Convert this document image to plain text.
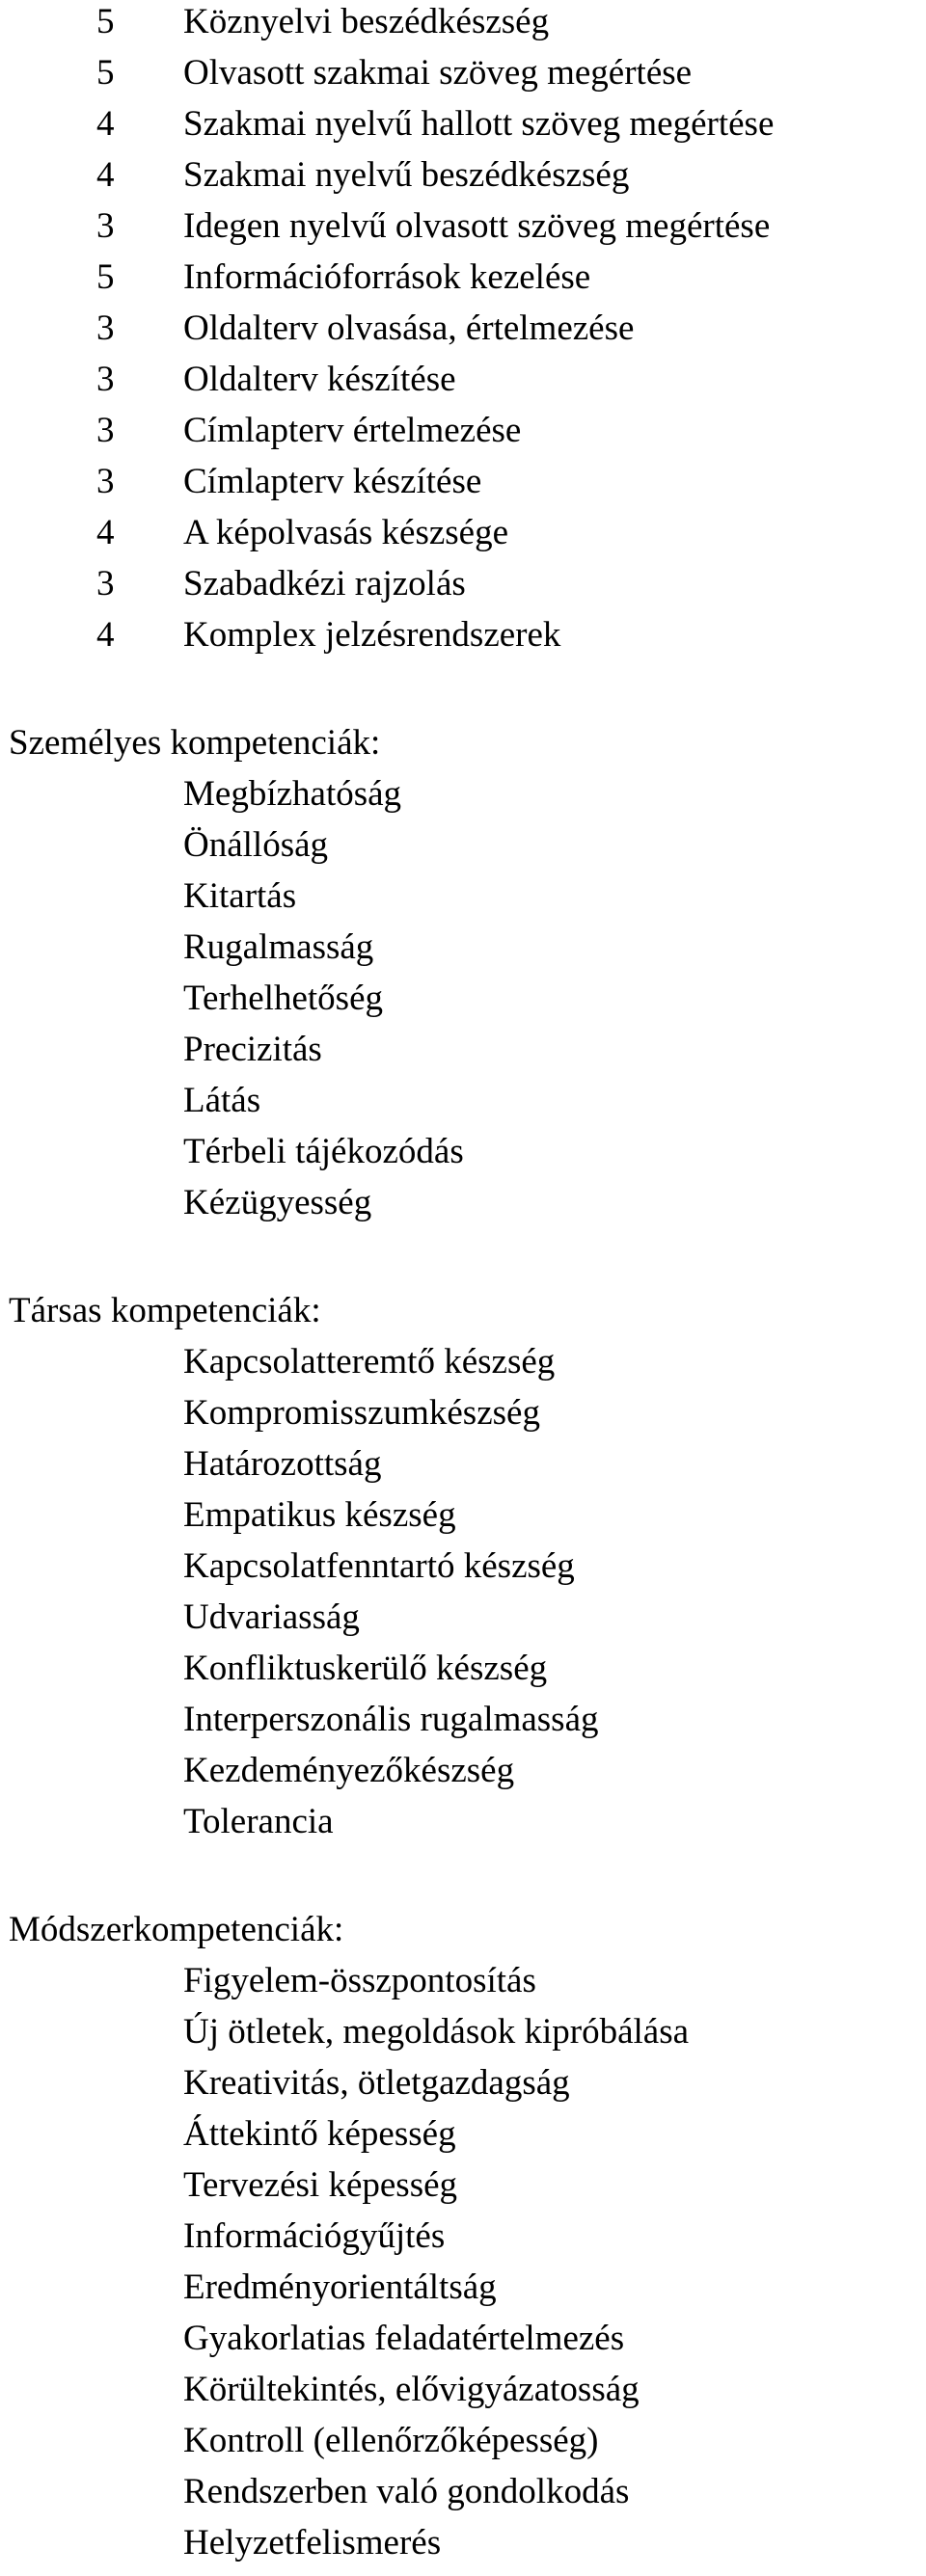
5	Köznyelvi beszédkészség
5	Olvasott szakmai szöveg megértése
4	Szakmai nyelvű hallott szöveg megértése
4	Szakmai nyelvű beszédkészség
3	Idegen nyelvű olvasott szöveg megértése
5	Információforrások kezelése
3	Oldalterv olvasása, értelmezése
3	Oldalterv készítése
3	Címlapterv értelmezése
3	Címlapterv készítése
4	A képolvasás készsége
3	Szabadkézi rajzolás
4	Komplex jelzésrendszerek
Személyes kompetenciák:
Megbízhatóság
Önállóság
Kitartás
Rugalmasság
Terhelhetőség
Precizitás
Látás
Térbeli tájékozódás
Kézügyesség
Társas kompetenciák:
Kapcsolatteremtő készség
Kompromisszumkészség
Határozottság
Empatikus készség
Kapcsolatfenntartó készség
Udvariasság
Konfliktuskerülő készség
Interperszonális rugalmasság
Kezdeményezőkészség
Tolerancia
Módszerkompetenciák:
Figyelem-összpontosítás
Új ötletek, megoldások kipróbálása
Kreativitás, ötletgazdagság
Áttekintő képesség
Tervezési képesség
Információgyűjtés
Eredményorientáltság
Gyakorlatias feladatértelmezés
Körültekintés, elővigyázatosság
Kontroll (ellenőrzőképesség)
Rendszerben való gondolkodás
Helyzetfelismerés
